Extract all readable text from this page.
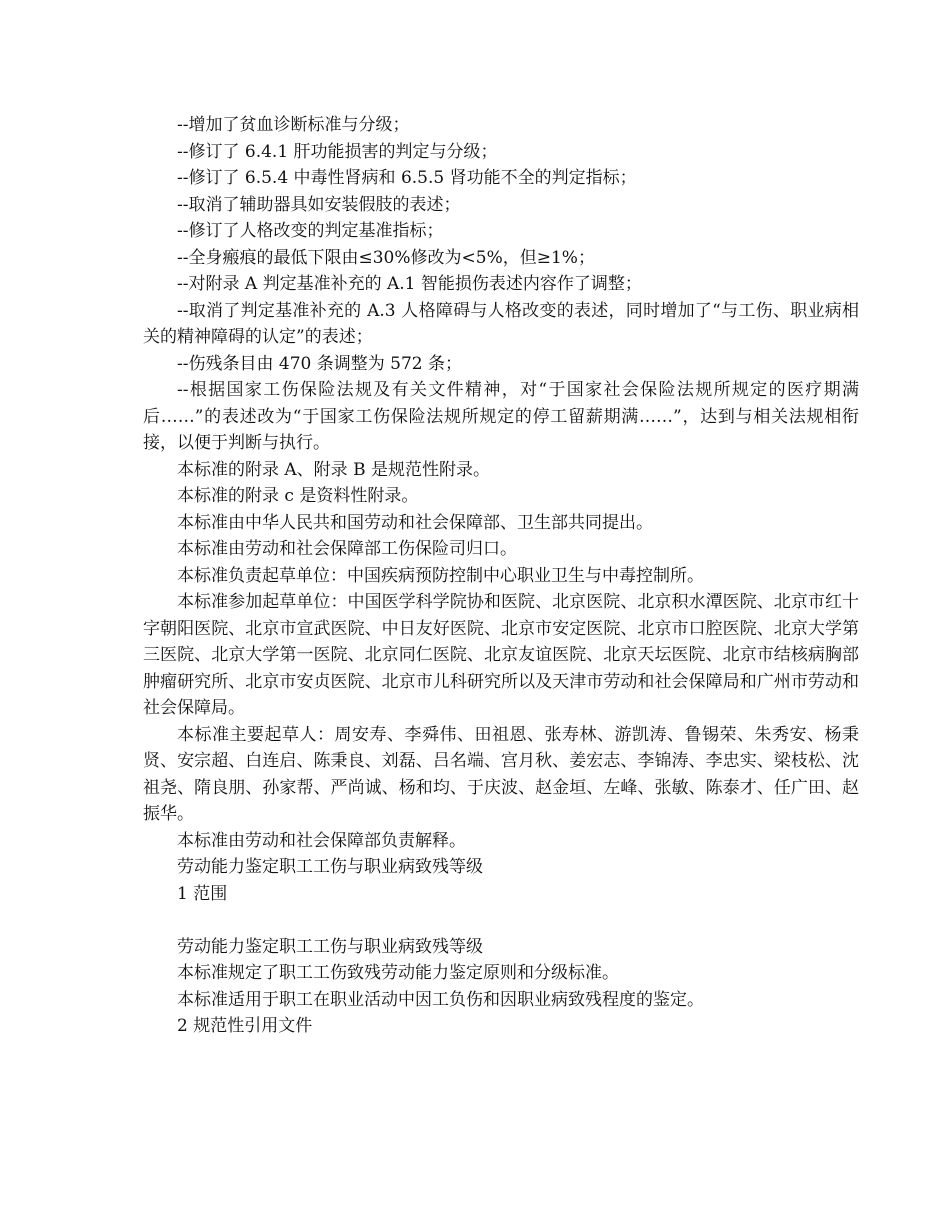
--增加了贫血诊断标准与分级；

--修订了 6.4.1 肝功能损害的判定与分级；

--修订了 6.5.4 中毒性肾病和 6.5.5 肾功能不全的判定指标；

--取消了辅助器具如安装假肢的表述；

--修订了人格改变的判定基准指标；

--全身瘢痕的最低下限由≤30%修改为<5%，但≥1%；

--对附录 A 判定基准补充的 A.1 智能损伤表述内容作了调整；

--取消了判定基准补充的 A.3 人格障碍与人格改变的表述，同时增加了“与工伤、职业病相关的精神障碍的认定”的表述；

--伤残条目由 470 条调整为 572 条；

--根据国家工伤保险法规及有关文件精神，对“于国家社会保险法规所规定的医疗期满后……”的表述改为“于国家工伤保险法规所规定的停工留薪期满……”，达到与相关法规相衔接，以便于判断与执行。

本标准的附录 A、附录 B 是规范性附录。

本标准的附录 c 是资料性附录。

本标准由中华人民共和国劳动和社会保障部、卫生部共同提出。

本标准由劳动和社会保障部工伤保险司归口。

本标准负责起草单位：中国疾病预防控制中心职业卫生与中毒控制所。

本标准参加起草单位：中国医学科学院协和医院、北京医院、北京积水潭医院、北京市红十字朝阳医院、北京市宣武医院、中日友好医院、北京市安定医院、北京市口腔医院、北京大学第三医院、北京大学第一医院、北京同仁医院、北京友谊医院、北京天坛医院、北京市结核病胸部肿瘤研究所、北京市安贞医院、北京市儿科研究所以及天津市劳动和社会保障局和广州市劳动和社会保障局。

本标准主要起草人：周安寿、李舜伟、田祖恩、张寿林、游凯涛、鲁锡荣、朱秀安、杨秉贤、安宗超、白连启、陈秉良、刘磊、吕名端、宫月秋、姜宏志、李锦涛、李忠实、梁枝松、沈祖尧、隋良朋、孙家帮、严尚诚、杨和均、于庆波、赵金垣、左峰、张敏、陈泰才、任广田、赵振华。

本标准由劳动和社会保障部负责解释。

劳动能力鉴定职工工伤与职业病致残等级

1 范围

劳动能力鉴定职工工伤与职业病致残等级

本标准规定了职工工伤致残劳动能力鉴定原则和分级标准。

本标准适用于职工在职业活动中因工负伤和因职业病致残程度的鉴定。

2 规范性引用文件
